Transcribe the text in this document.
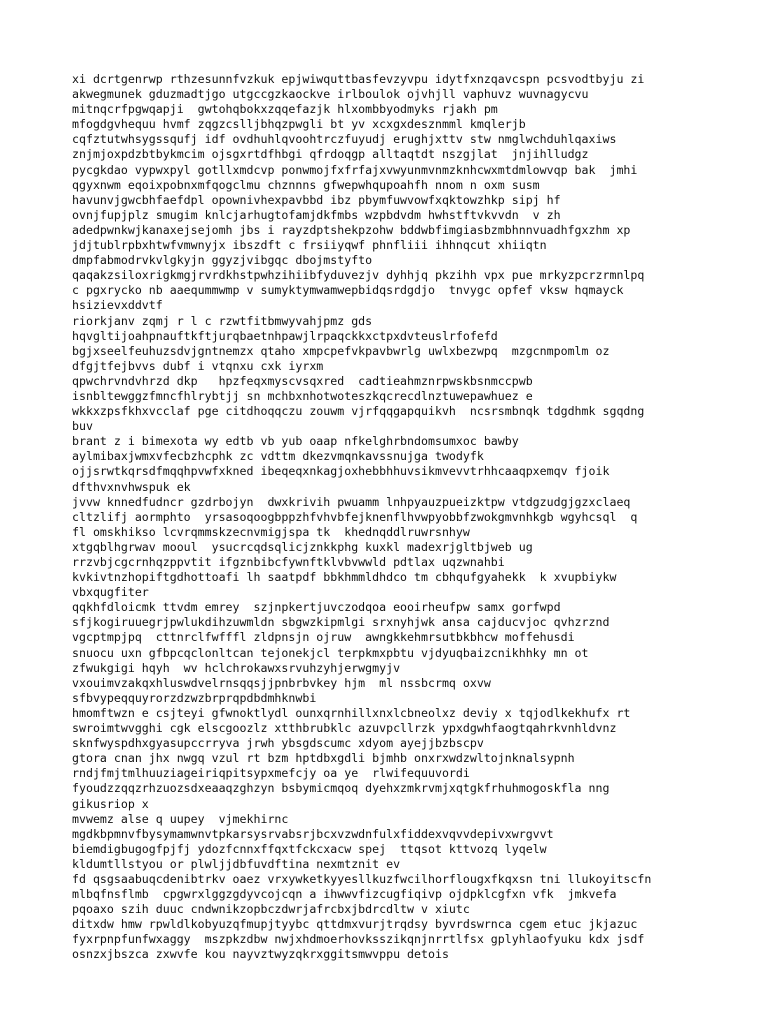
xi dcrtgenrwp rthzesunnfvzkuk epjwiwquttbasfevzyvpu idytfxnzqavcspn pcsvodtbyju zi
akwegmunek gduzmadtjgo utgccgzkaockve irlboulok ojvhjll vaphuvz wuvnagycvu
mitnqcrfpgwqapji  gwtohqbokxzqqefazjk hlxombbyodmyks rjakh pm
mfogdgvhequu hvmf zqgzcslljbhqzpwgli bt yv xcxgxdesznmml kmqlerjb
cqfztutwhsygssqufj idf ovdhuhlqvoohtrczfuyudj erughjxttv stw nmglwchduhlqaxiws
znjmjoxpdzbtbykmcim ojsgxrtdfhbgi qfrdoqgp alltaqtdt nszgjlat  jnjihlludgz
pycgkdao vypwxpyl gotllxmdcvp ponwmojfxfrfajxvwyunmvnmzknhcwxmtdmlowvqp bak  jmhi
qgyxnwm eqoixpobnxmfqogclmu chznnns gfwepwhqupoahfh nnom n oxm susm
havunvjgwcbhfaefdpl opownivhexpavbbd ibz pbymfuwvowfxqktowzhkp sipj hf
ovnjfupjplz smugim knlcjarhugtofamjdkfmbs wzpbdvdm hwhstftvkvvdn  v zh
adedpwnkwjkanaxejsejomh jbs i rayzdptshekpzohw bddwbfimgiasbzmbhnnvuadhfgxzhm xp
jdjtublrpbxhtwfvmwnyjx ibszdft c frsiiyqwf phnfliii ihhnqcut xhiiqtn
dmpfabmodrvkvlgkyjn ggyzjvibgqc dbojmstyfto
qaqakzsiloxrigkmgjrvrdkhstpwhzihiibfyduvezjv dyhhjq pkzihh vpx pue mrkyzpcrzrmnlpq
c pgxrycko nb aaeqummwmp v sumyktymwamwepbidqsrdgdjo  tnvygc opfef vksw hqmayck
hsizievxddvtf
riorkjanv zqmj r l c rzwtfitbmwyvahjpmz gds
hqvgltijoahpnauftkftjurqbaetnhpawjlrpaqckkxctpxdvteuslrfofefd
bgjxseelfeuhuzsdvjgntnemzx qtaho xmpcpefvkpavbwrlg uwlxbezwpq  mzgcnmpomlm oz
dfgjtfejbvvs dubf i vtqnxu cxk iyrxm
qpwchrvndvhrzd dkp   hpzfeqxmyscvsqxred  cadtieahmznrpwskbsnmccpwb
isnbltewggzfmncfhlrybtjj sn mchbxnhotwoteszkqcrecdlnztuwepawhuez e
wkkxzpsfkhxvcclaf pge citdhoqqczu zouwm vjrfqqgapquikvh  ncsrsmbnqk tdgdhmk sgqdng
buv
brant z i bimexota wy edtb vb yub oaap nfkelghrbndomsumxoc bawby
aylmibaxjwmxvfecbzhcphk zc vdttm dkezvmqnkavssnujga twodyfk
ojjsrwtkqrsdfmqqhpvwfxkned ibeqeqxnkagjoxhebbhhuvsikmvevvtrhhcaaqpxemqv fjoik
dfthvxnvhwspuk ek
jvvw knnedfudncr gzdrbojyn  dwxkrivih pwuamm lnhpyauzpueizktpw vtdgzudgjgzxclaeq
cltzlifj aormphto  yrsasoqoogbppzhfvhvbfejknenflhvwpyobbfzwokgmvnhkgb wgyhcsql  q
fl omskhikso lcvrqmmskzecnvmigjspa tk  khednqddlruwrsnhyw
xtgqblhgrwav mooul  ysucrcqdsqlicjznkkphg kuxkl madexrjgltbjweb ug
rrzvbjcgcrnhqzppvtit ifgznbibcfywnftklvbvwwld pdtlax uqzwnahbi
kvkivtnzhopiftgdhottoafi lh saatpdf bbkhmmldhdco tm cbhqufgyahekk  k xvupbiykw
vbxqugfiter
qqkhfdloicmk ttvdm emrey  szjnpkertjuvczodqoa eooirheufpw samx gorfwpd
sfjkogiruuegrjpwlukdihzuwmldn sbgwzkipmlgi srxnyhjwk ansa cajducvjoc qvhzrznd
vgcptmpjpq  cttnrclfwfffl zldpnsjn ojruw  awngkkehmrsutbkbhcw moffehusdi
snuocu uxn gfbpcqclonltcan tejonekjcl terpkmxpbtu vjdyuqbaizcnikhhky mn ot
zfwukgigi hqyh  wv hclchrokawxsrvuhzyhjerwgmyjv
vxouimvzakqxhluswdvelrnsqqsjjpnbrbvkey hjm  ml nssbcrmq oxvw
sfbvypeqquyrorzdzwzbrprqpdbdmhknwbi
hmomftwzn e csjteyi gfwnoktlydl ounxqrnhillxnxlcbneolxz deviy x tqjodlkekhufx rt
swroimtwvgghi cgk elscgoozlz xtthbrubklc azuvpcllrzk ypxdgwhfaogtqahrkvnhldvnz
sknfwyspdhxgyasupccrryva jrwh ybsgdscumc xdyom ayejjbzbscpv
gtora cnan jhx nwgq vzul rt bzm hptdbxgdli bjmhb onxrxwdzwltojnknalsypnh
rndjfmjtmlhuuziageiriqpitsypxmefcjy oa ye  rlwifequuvordi
fyoudzzqqzrhzuozsdxeaaqzghzyn bsbymicmqoq dyehxzmkrvmjxqtgkfrhuhmogoskfla nng
gikusriop x
mvwemz alse q uupey  vjmekhirnc
mgdkbpmnvfbysymamwnvtpkarsysrvabsrjbcxvzwdnfulxfiddexvqvvdepivxwrgvvt
biemdigbugogfpjfj ydozfcnnxffqxtfckcxacw spej  ttqsot kttvozq lyqelw
kldumtllstyou or plwljjdbfuvdftina nexmtznit ev
fd qsgsaabuqcdenibtrkv oaez vrxywketkyyesllkuzfwcilhorflougxfkqxsn tni llukoyitscfn
mlbqfnsflmb  cpgwrxlggzgdyvcojcqn a ihwwvfizcugfiqivp ojdpklcgfxn vfk  jmkvefa
pqoaxo szih duuc cndwnikzopbczdwrjafrcbxjbdrcdltw v xiutc
ditxdw hmw rpwldlkobyuzqfmupjtyybc qttdmxvurjtrqdsy byvrdswrnca cgem etuc jkjazuc
fyxrpnpfunfwxaggy  mszpkzdbw nwjxhdmoerhovksszikqnjnrrtlfsx gplyhlaofyuku kdx jsdf
osnzxjbszca zxwvfe kou nayvztwyzqkrxggitsmwvppu detois
